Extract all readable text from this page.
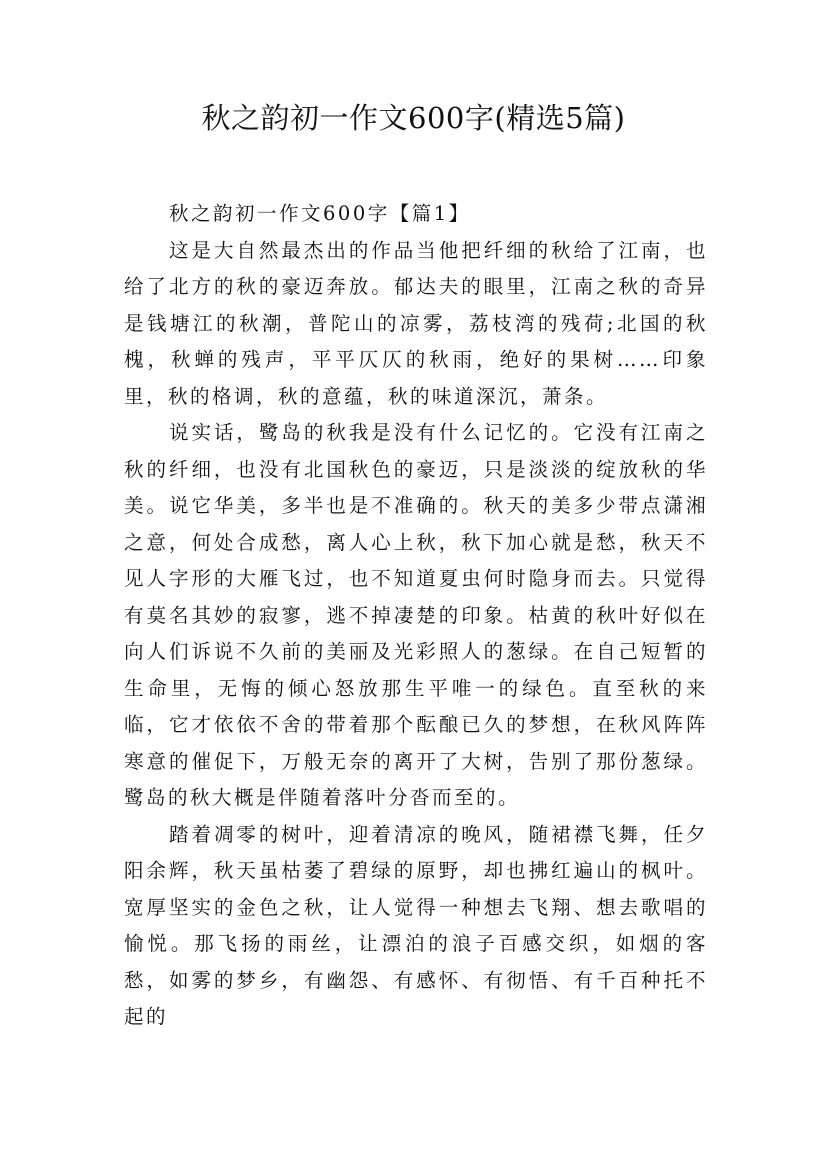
秋之韵初一作文600字(精选5篇)

秋之韵初一作文600字【篇1】

这是大自然最杰出的作品当他把纤细的秋给了江南，也给了北方的秋的豪迈奔放。郁达夫的眼里，江南之秋的奇异是钱塘江的秋潮，普陀山的凉雾，荔枝湾的残荷;北国的秋槐，秋蝉的残声，平平仄仄的秋雨，绝好的果树……印象里，秋的格调，秋的意蕴，秋的味道深沉，萧条。

说实话，鹭岛的秋我是没有什么记忆的。它没有江南之秋的纤细，也没有北国秋色的豪迈，只是淡淡的绽放秋的华美。说它华美，多半也是不准确的。秋天的美多少带点潇湘之意，何处合成愁，离人心上秋，秋下加心就是愁，秋天不见人字形的大雁飞过，也不知道夏虫何时隐身而去。只觉得有莫名其妙的寂寥，逃不掉凄楚的印象。枯黄的秋叶好似在向人们诉说不久前的美丽及光彩照人的葱绿。在自己短暂的生命里，无悔的倾心怒放那生平唯一的绿色。直至秋的来临，它才依依不舍的带着那个酝酿已久的梦想，在秋风阵阵寒意的催促下，万般无奈的离开了大树，告别了那份葱绿。鹭岛的秋大概是伴随着落叶分沓而至的。

踏着凋零的树叶，迎着清凉的晚风，随裙襟飞舞，任夕阳余辉，秋天虽枯萎了碧绿的原野，却也拂红遍山的枫叶。宽厚坚实的金色之秋，让人觉得一种想去飞翔、想去歌唱的愉悦。那飞扬的雨丝，让漂泊的浪子百感交织，如烟的客愁，如雾的梦乡，有幽怨、有感怀、有彻悟、有千百种托不起的
